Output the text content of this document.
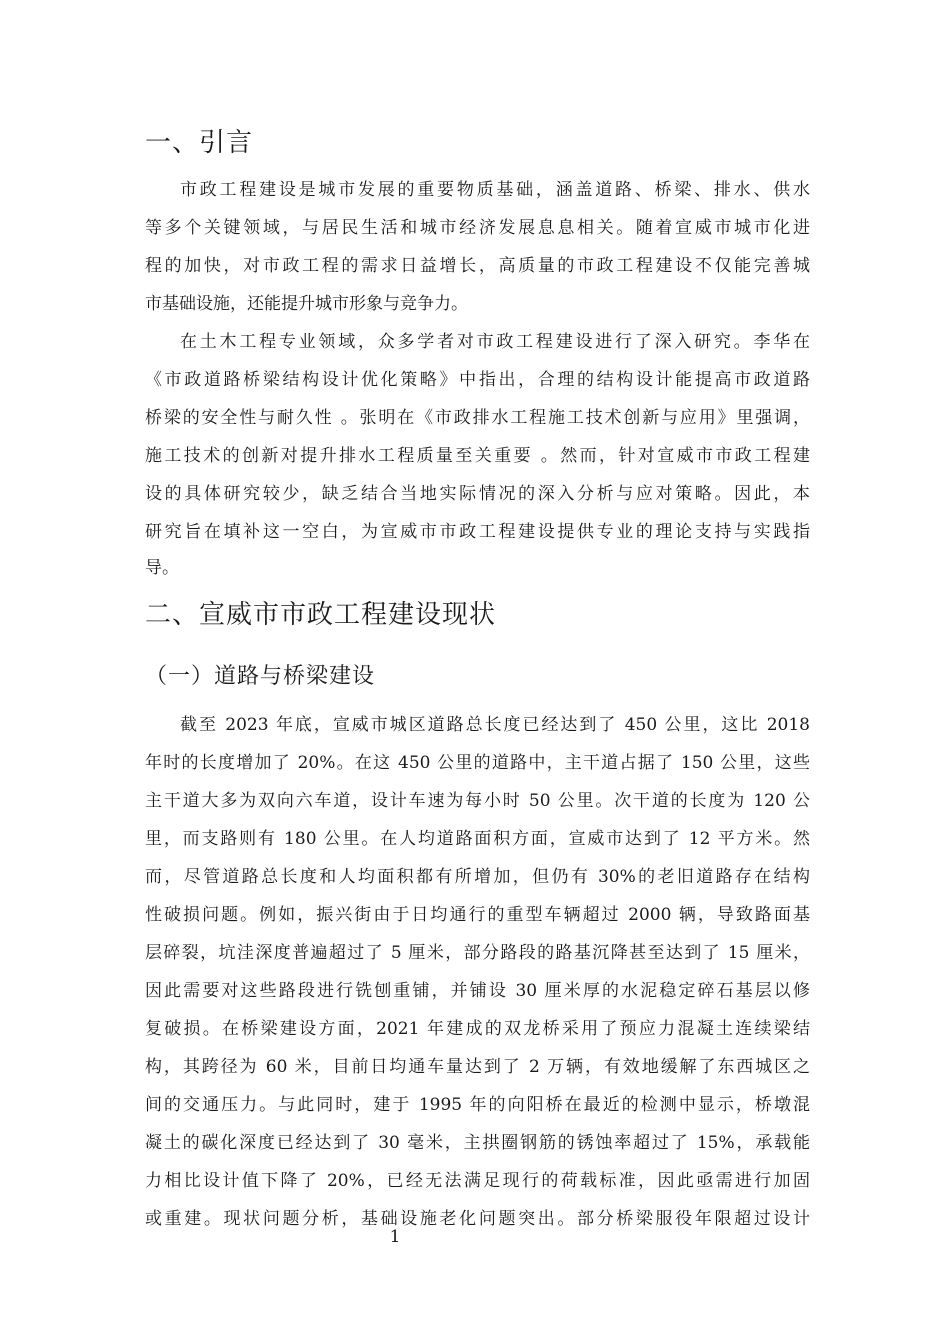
一、引言
市政工程建设是城市发展的重要物质基础，涵盖道路、桥梁、排水、供水
等多个关键领域，与居民生活和城市经济发展息息相关。随着宣威市城市化进
程的加快，对市政工程的需求日益增长，高质量的市政工程建设不仅能完善城
市基础设施，还能提升城市形象与竞争力。
在土木工程专业领域，众多学者对市政工程建设进行了深入研究。李华在
《市政道路桥梁结构设计优化策略》中指出，合理的结构设计能提高市政道路
桥梁的安全性与耐久性 。张明在《市政排水工程施工技术创新与应用》里强调，
施工技术的创新对提升排水工程质量至关重要 。然而，针对宣威市市政工程建
设的具体研究较少，缺乏结合当地实际情况的深入分析与应对策略。因此，本
研究旨在填补这一空白，为宣威市市政工程建设提供专业的理论支持与实践指
导。
二、宣威市市政工程建设现状
（一）道路与桥梁建设
截至 2023 年底，宣威市城区道路总长度已经达到了 450 公里，这比 2018
年时的长度增加了 20%。在这 450 公里的道路中，主干道占据了 150 公里，这些
主干道大多为双向六车道，设计车速为每小时 50 公里。次干道的长度为 120 公
里，而支路则有 180 公里。在人均道路面积方面，宣威市达到了 12 平方米。然
而，尽管道路总长度和人均面积都有所增加，但仍有 30%的老旧道路存在结构
性破损问题。例如，振兴街由于日均通行的重型车辆超过 2000 辆，导致路面基
层碎裂，坑洼深度普遍超过了 5 厘米，部分路段的路基沉降甚至达到了 15 厘米，
因此需要对这些路段进行铣刨重铺，并铺设 30 厘米厚的水泥稳定碎石基层以修
复破损。在桥梁建设方面，2021 年建成的双龙桥采用了预应力混凝土连续梁结
构，其跨径为 60 米，目前日均通车量达到了 2 万辆，有效地缓解了东西城区之
间的交通压力。与此同时，建于 1995 年的向阳桥在最近的检测中显示，桥墩混
凝土的碳化深度已经达到了 30 毫米，主拱圈钢筋的锈蚀率超过了 15%，承载能
力相比设计值下降了 20%，已经无法满足现行的荷载标准，因此亟需进行加固
或重建。现状问题分析，基础设施老化问题突出。部分桥梁服役年限超过设计
1
